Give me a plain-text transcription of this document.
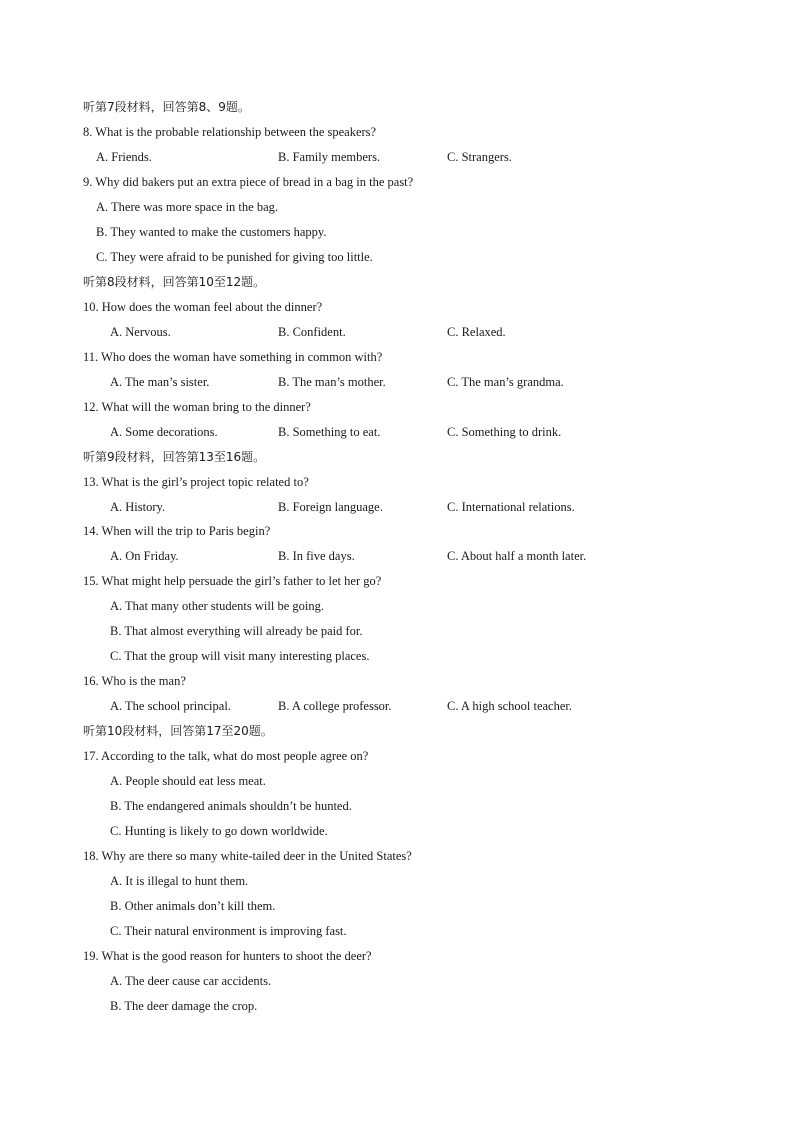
听第7段材料，回答第8、9题。
8. What is the probable relationship between the speakers?
A. Friends.	B. Family members.	C. Strangers.
9. Why did bakers put an extra piece of bread in a bag in the past?
A. There was more space in the bag.
B. They wanted to make the customers happy.
C. They were afraid to be punished for giving too little.
听第8段材料，回答第10至12题。
10. How does the woman feel about the dinner?
A. Nervous.	B. Confident.	C. Relaxed.
11. Who does the woman have something in common with?
A. The man’s sister.	B. The man’s mother.	C. The man’s grandma.
12. What will the woman bring to the dinner?
A. Some decorations.	B. Something to eat.	C. Something to drink.
听第9段材料，回答第13至16题。
13. What is the girl’s project topic related to?
A. History.	B. Foreign language.	C. International relations.
14. When will the trip to Paris begin?
A. On Friday.	B. In five days.	C. About half a month later.
15. What might help persuade the girl’s father to let her go?
A. That many other students will be going.
B. That almost everything will already be paid for.
C. That the group will visit many interesting places.
16. Who is the man?
A. The school principal.	B. A college professor.	C. A high school teacher.
听第10段材料，回答第17至20题。
17. According to the talk, what do most people agree on?
A. People should eat less meat.
B. The endangered animals shouldn’t be hunted.
C. Hunting is likely to go down worldwide.
18. Why are there so many white-tailed deer in the United States?
A. It is illegal to hunt them.
B. Other animals don’t kill them.
C. Their natural environment is improving fast.
19. What is the good reason for hunters to shoot the deer?
A. The deer cause car accidents.
B. The deer damage the crop.
